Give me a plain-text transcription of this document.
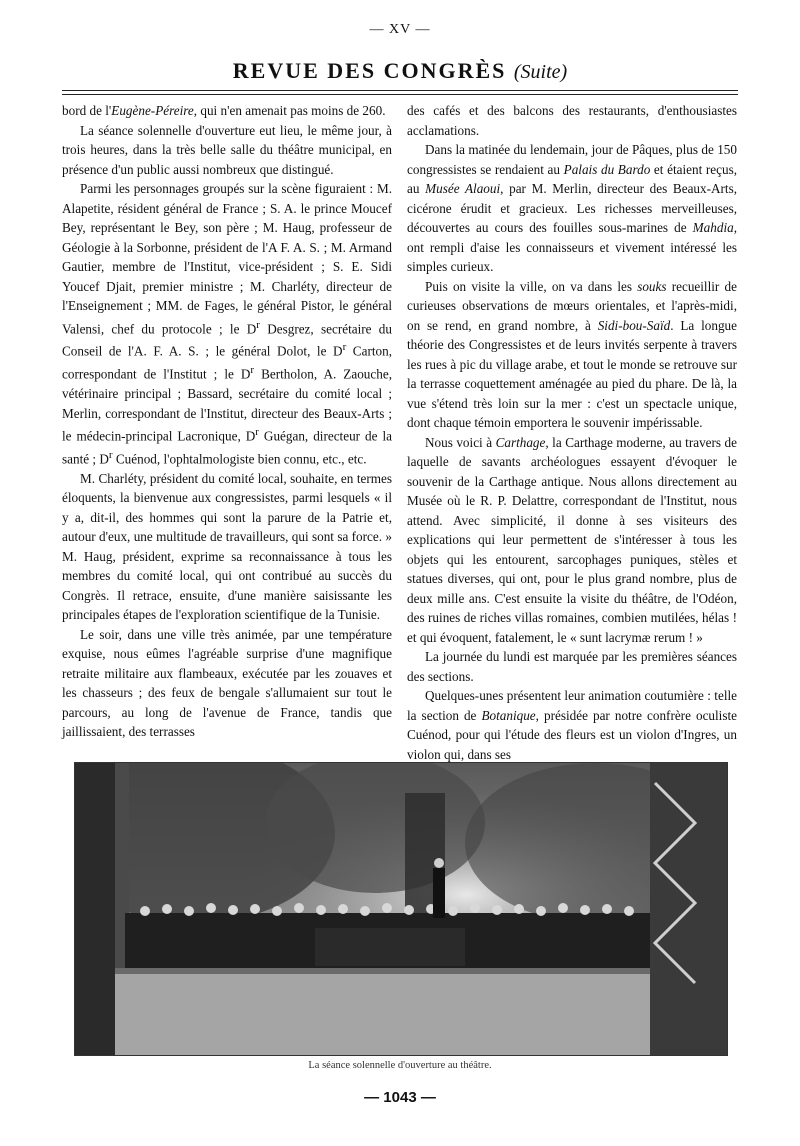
— XV —
REVUE DES CONGRÈS (Suite)

bord de l'Eugène-Péreire, qui n'en amenait pas moins de 260.

La séance solennelle d'ouverture eut lieu, le même jour, à trois heures, dans la très belle salle du théâtre municipal, en présence d'un public aussi nombreux que distingué.

Parmi les personnages groupés sur la scène figuraient : M. Alapetite, résident général de France ; S. A. le prince Moucef Bey, représentant le Bey, son père ; M. Haug, professeur de Géologie à la Sorbonne, président de l'A F. A. S. ; M. Armand Gautier, membre de l'Institut, vice-président ; S. E. Sidi Youcef Djait, premier ministre ; M. Charléty, directeur de l'Enseignement ; MM. de Fages, le général Pistor, le général Valensi, chef du protocole ; le $D^r$ Desgrez, secrétaire du Conseil de l'A. F. A. S. ; le général Dolot, le $D^r$ Carton, correspondant de l'Institut ; le $D^r$ Bertholon, A. Zaouche, vétérinaire principal ; Bassard, secrétaire du comité local ; Merlin, correspondant de l'Institut, directeur des Beaux-Arts ; le médecin-principal Lacronique, $D^r$ Guégan, directeur de la santé ; $D^r$ Cuénod, l'ophtalmologiste bien connu, etc., etc.

M. Charléty, président du comité local, souhaite, en termes éloquents, la bienvenue aux congressistes, parmi lesquels « il y a, dit-il, des hommes qui sont la parure de la Patrie et, autour d'eux, une multitude de travailleurs, qui sont sa force. » M. Haug, président, exprime sa reconnaissance à tous les membres du comité local, qui ont contribué au succès du Congrès. Il retrace, ensuite, d'une manière saisissante les principales étapes de l'exploration scientifique de la Tunisie.

Le soir, dans une ville très animée, par une température exquise, nous eûmes l'agréable surprise d'une magnifique retraite militaire aux flambeaux, exécutée par les zouaves et les chasseurs ; des feux de bengale s'allumaient sur tout le parcours, au long de l'avenue de France, tandis que jaillissaient, des terrasses

des cafés et des balcons des restaurants, d'enthousiastes acclamations.

Dans la matinée du lendemain, jour de Pâques, plus de 150 congressistes se rendaient au Palais du Bardo et étaient reçus, au Musée Alaoui, par M. Merlin, directeur des Beaux-Arts, cicérone érudit et gracieux. Les richesses merveilleuses, découvertes au cours des fouilles sous-marines de Mahdia, ont rempli d'aise les connaisseurs et vivement intéressé les simples curieux.

Puis on visite la ville, on va dans les souks recueillir de curieuses observations de mœurs orientales, et l'après-midi, on se rend, en grand nombre, à Sidi-bou-Saïd. La longue théorie des Congressistes et de leurs invités serpente à travers les rues à pic du village arabe, et tout le monde se retrouve sur la terrasse coquettement aménagée au pied du phare. De là, la vue s'étend très loin sur la mer : c'est un spectacle unique, dont chaque témoin emportera le souvenir impérissable.

Nous voici à Carthage, la Carthage moderne, au travers de laquelle de savants archéologues essayent d'évoquer le souvenir de la Carthage antique. Nous allons directement au Musée où le R. P. Delattre, correspondant de l'Institut, nous attend. Avec simplicité, il donne à ses visiteurs des explications qui leur permettent de s'intéresser à tous les objets qui les entourent, sarcophages puniques, stèles et statues diverses, qui ont, pour le plus grand nombre, plus de deux mille ans. C'est ensuite la visite du théâtre, de l'Odéon, des ruines de riches villas romaines, combien mutilées, hélas ! et qui évoquent, fatalement, le « sunt lacrymæ rerum ! »

La journée du lundi est marquée par les premières séances des sections.

Quelques-unes présentent leur animation coutumière : telle la section de Botanique, présidée par notre confrère oculiste Cuénod, pour qui l'étude des fleurs est un violon d'Ingres, un violon qui, dans ses

La séance solennelle d'ouverture au théâtre.
— 1043 —
